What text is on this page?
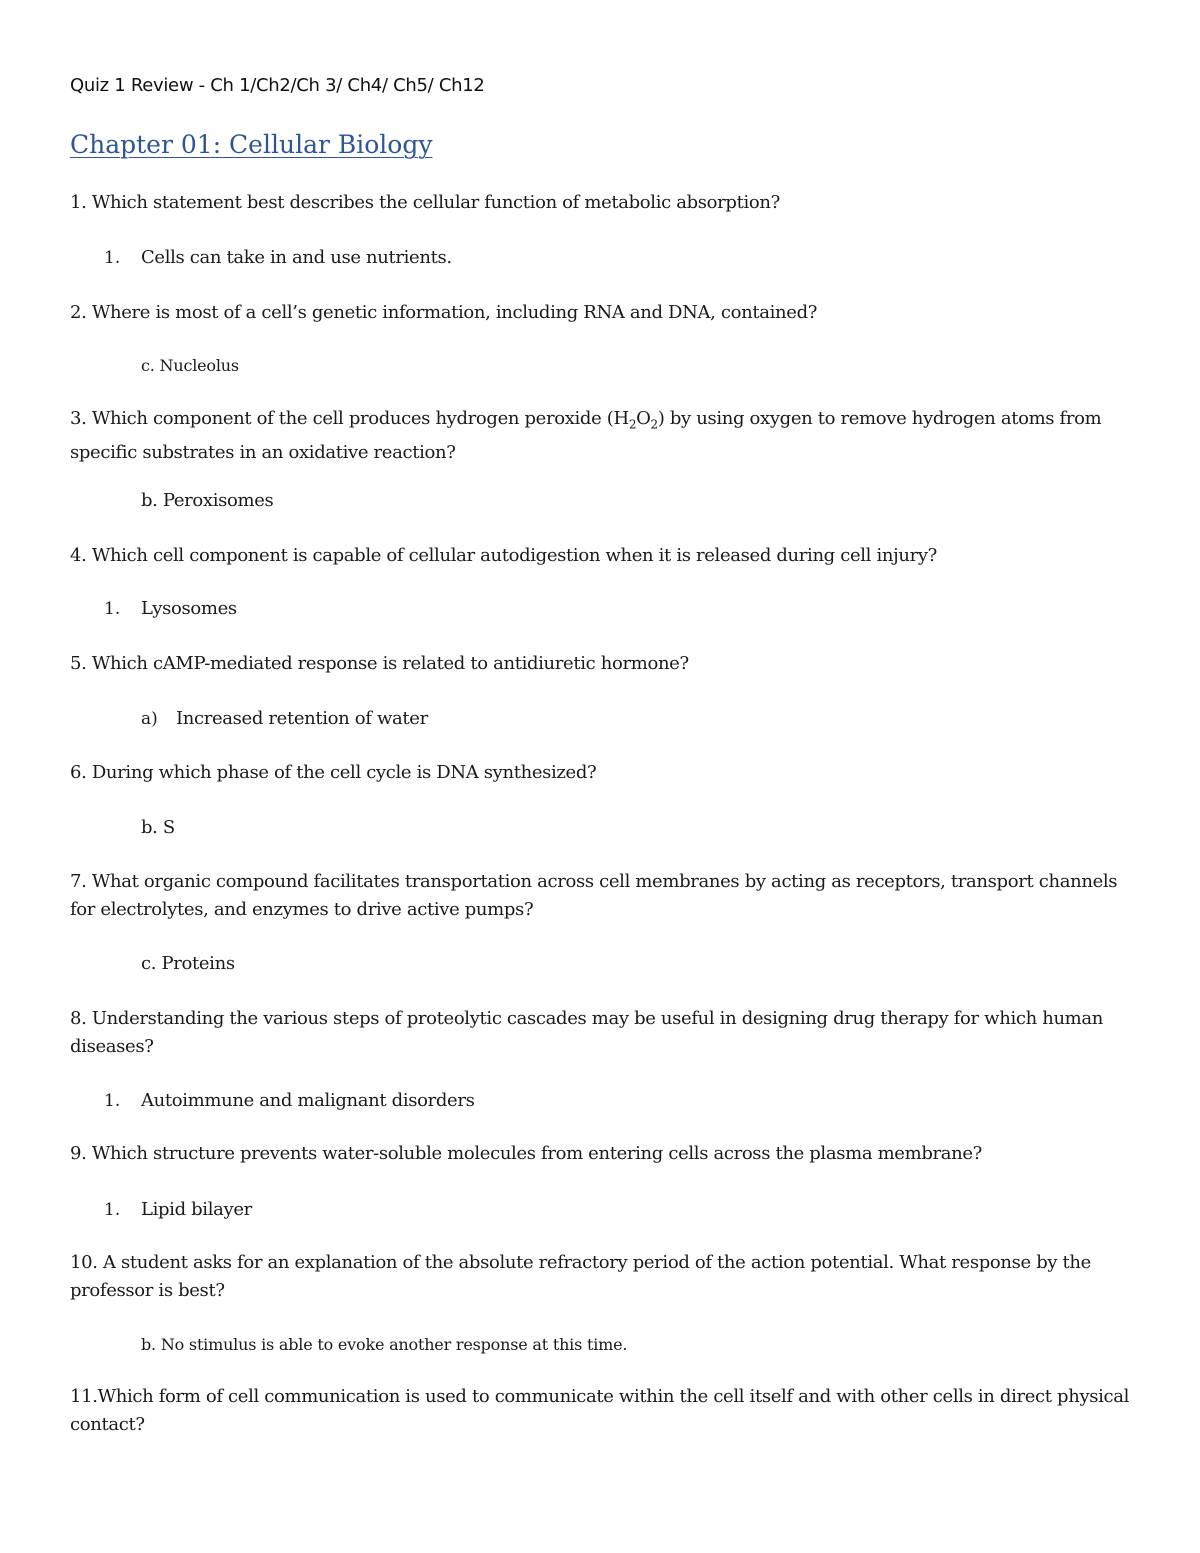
Quiz 1 Review - Ch 1/Ch2/Ch 3/ Ch4/ Ch5/ Ch12
Chapter 01: Cellular Biology
1. Which statement best describes the cellular function of metabolic absorption?
1. Cells can take in and use nutrients.
2. Where is most of a cell’s genetic information, including RNA and DNA, contained?
c. Nucleolus
3. Which component of the cell produces hydrogen peroxide $(H_2O_2)$ by using oxygen to remove hydrogen atoms from specific substrates in an oxidative reaction?
b. Peroxisomes
4. Which cell component is capable of cellular autodigestion when it is released during cell injury?
1. Lysosomes
5. Which cAMP-mediated response is related to antidiuretic hormone?
a) Increased retention of water
6. During which phase of the cell cycle is DNA synthesized?
b. S
7. What organic compound facilitates transportation across cell membranes by acting as receptors, transport channels for electrolytes, and enzymes to drive active pumps?
c. Proteins
8. Understanding the various steps of proteolytic cascades may be useful in designing drug therapy for which human diseases?
1. Autoimmune and malignant disorders
9. Which structure prevents water-soluble molecules from entering cells across the plasma membrane?
1. Lipid bilayer
10. A student asks for an explanation of the absolute refractory period of the action potential. What response by the professor is best?
b. No stimulus is able to evoke another response at this time.
11.Which form of cell communication is used to communicate within the cell itself and with other cells in direct physical contact?
